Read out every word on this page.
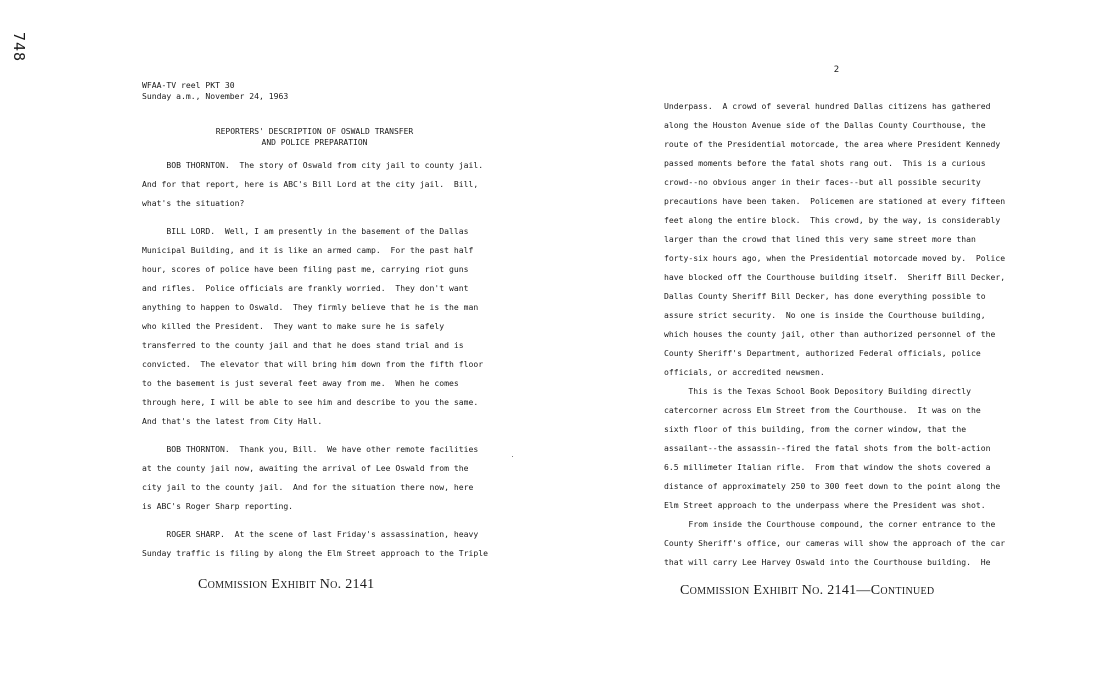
748
WFAA-TV reel PKT 30
Sunday a.m., November 24, 1963
REPORTERS' DESCRIPTION OF OSWALD TRANSFER
AND POLICE PREPARATION
BOB THORNTON.  The story of Oswald from city jail to county jail.
And for that report, here is ABC's Bill Lord at the city jail.  Bill,
what's the situation?
BILL LORD.  Well, I am presently in the basement of the Dallas
Municipal Building, and it is like an armed camp.  For the past half
hour, scores of police have been filing past me, carrying riot guns
and rifles.  Police officials are frankly worried.  They don't want
anything to happen to Oswald.  They firmly believe that he is the man
who killed the President.  They want to make sure he is safely
transferred to the county jail and that he does stand trial and is
convicted.  The elevator that will bring him down from the fifth floor
to the basement is just several feet away from me.  When he comes
through here, I will be able to see him and describe to you the same.
And that's the latest from City Hall.
BOB THORNTON.  Thank you, Bill.  We have other remote facilities
at the county jail now, awaiting the arrival of Lee Oswald from the
city jail to the county jail.  And for the situation there now, here
is ABC's Roger Sharp reporting.
ROGER SHARP.  At the scene of last Friday's assassination, heavy
Sunday traffic is filing by along the Elm Street approach to the Triple
Commission Exhibit No. 2141
2
Underpass.  A crowd of several hundred Dallas citizens has gathered
along the Houston Avenue side of the Dallas County Courthouse, the
route of the Presidential motorcade, the area where President Kennedy
passed moments before the fatal shots rang out.  This is a curious
crowd--no obvious anger in their faces--but all possible security
precautions have been taken.  Policemen are stationed at every fifteen
feet along the entire block.  This crowd, by the way, is considerably
larger than the crowd that lined this very same street more than
forty-six hours ago, when the Presidential motorcade moved by.  Police
have blocked off the Courthouse building itself.  Sheriff Bill Decker,
Dallas County Sheriff Bill Decker, has done everything possible to
assure strict security.  No one is inside the Courthouse building,
which houses the county jail, other than authorized personnel of the
County Sheriff's Department, authorized Federal officials, police
officials, or accredited newsmen.
This is the Texas School Book Depository Building directly
catercorner across Elm Street from the Courthouse.  It was on the
sixth floor of this building, from the corner window, that the
assailant--the assassin--fired the fatal shots from the bolt-action
6.5 millimeter Italian rifle.  From that window the shots covered a
distance of approximately 250 to 300 feet down to the point along the
Elm Street approach to the underpass where the President was shot.
From inside the Courthouse compound, the corner entrance to the
County Sheriff's office, our cameras will show the approach of the car
that will carry Lee Harvey Oswald into the Courthouse building.  He
Commission Exhibit No. 2141—Continued
